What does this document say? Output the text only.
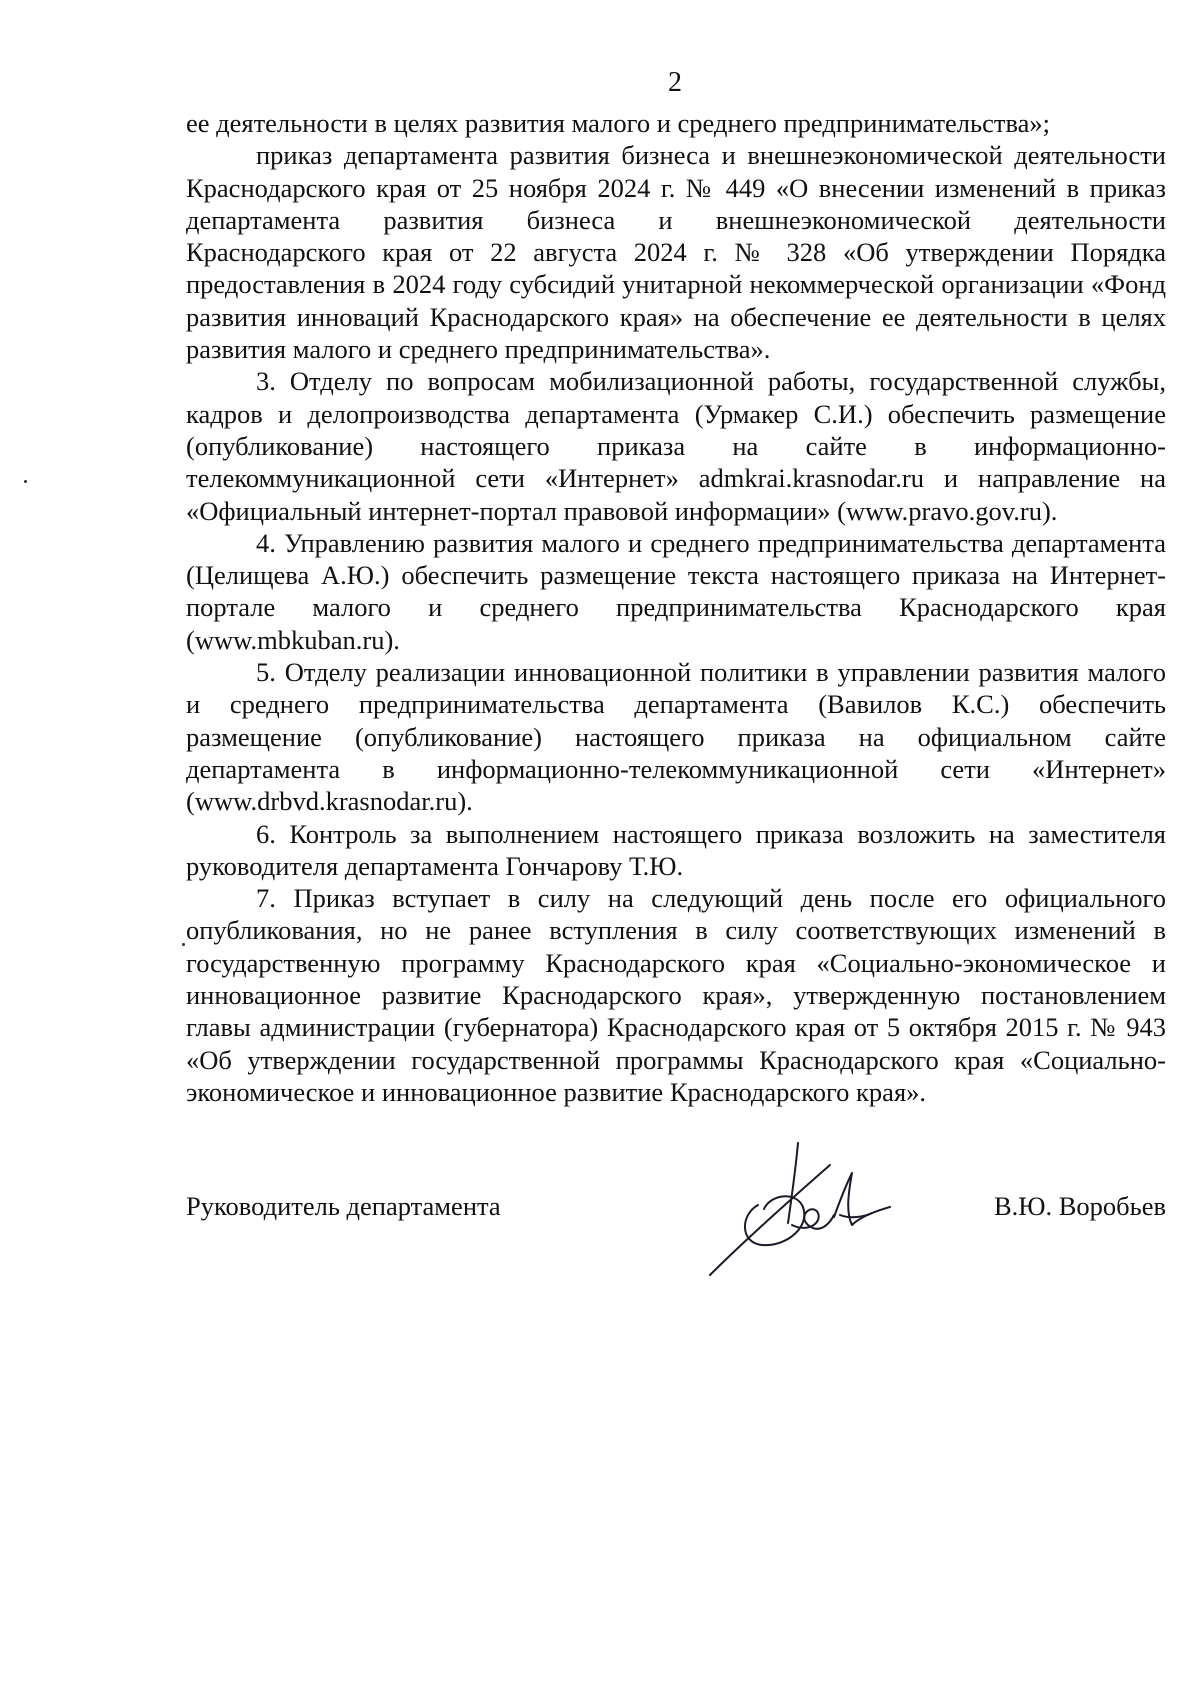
2

ее деятельности в целях развития малого и среднего предпринимательства»;

приказ департамента развития бизнеса и внешнеэкономической деятельности Краснодарского края от 25 ноября 2024 г. № 449 «О внесении изменений в приказ департамента развития бизнеса и внешнеэкономической деятельности Краснодарского края от 22 августа 2024 г. № 328 «Об утверждении Порядка предоставления в 2024 году субсидий унитарной некоммерческой организации «Фонд развития инноваций Краснодарского края» на обеспечение ее деятельности в целях развития малого и среднего предпринимательства».

3. Отделу по вопросам мобилизационной работы, государственной службы, кадров и делопроизводства департамента (Урмакер С.И.) обеспечить размещение (опубликование) настоящего приказа на сайте в информационно-телекоммуникационной сети «Интернет» admkrai.krasnodar.ru и направление на «Официальный интернет-портал правовой информации» (www.pravo.gov.ru).

4. Управлению развития малого и среднего предпринимательства департамента (Целищева А.Ю.) обеспечить размещение текста настоящего приказа на Интернет-портале малого и среднего предпринимательства Краснодарского края (www.mbkuban.ru).

5. Отделу реализации инновационной политики в управлении развития малого и среднего предпринимательства департамента (Вавилов К.С.) обеспечить размещение (опубликование) настоящего приказа на официальном сайте департамента в информационно-телекоммуникационной сети «Интернет» (www.drbvd.krasnodar.ru).

6. Контроль за выполнением настоящего приказа возложить на заместителя руководителя департамента Гончарову Т.Ю.

7. Приказ вступает в силу на следующий день после его официального опубликования, но не ранее вступления в силу соответствующих изменений в государственную программу Краснодарского края «Социально-экономическое и инновационное развитие Краснодарского края», утвержденную постановлением главы администрации (губернатора) Краснодарского края от 5 октября 2015 г. № 943 «Об утверждении государственной программы Краснодарского края «Социально-экономическое и инновационное развитие Краснодарского края».

Руководитель департамента	В.Ю. Воробьев
